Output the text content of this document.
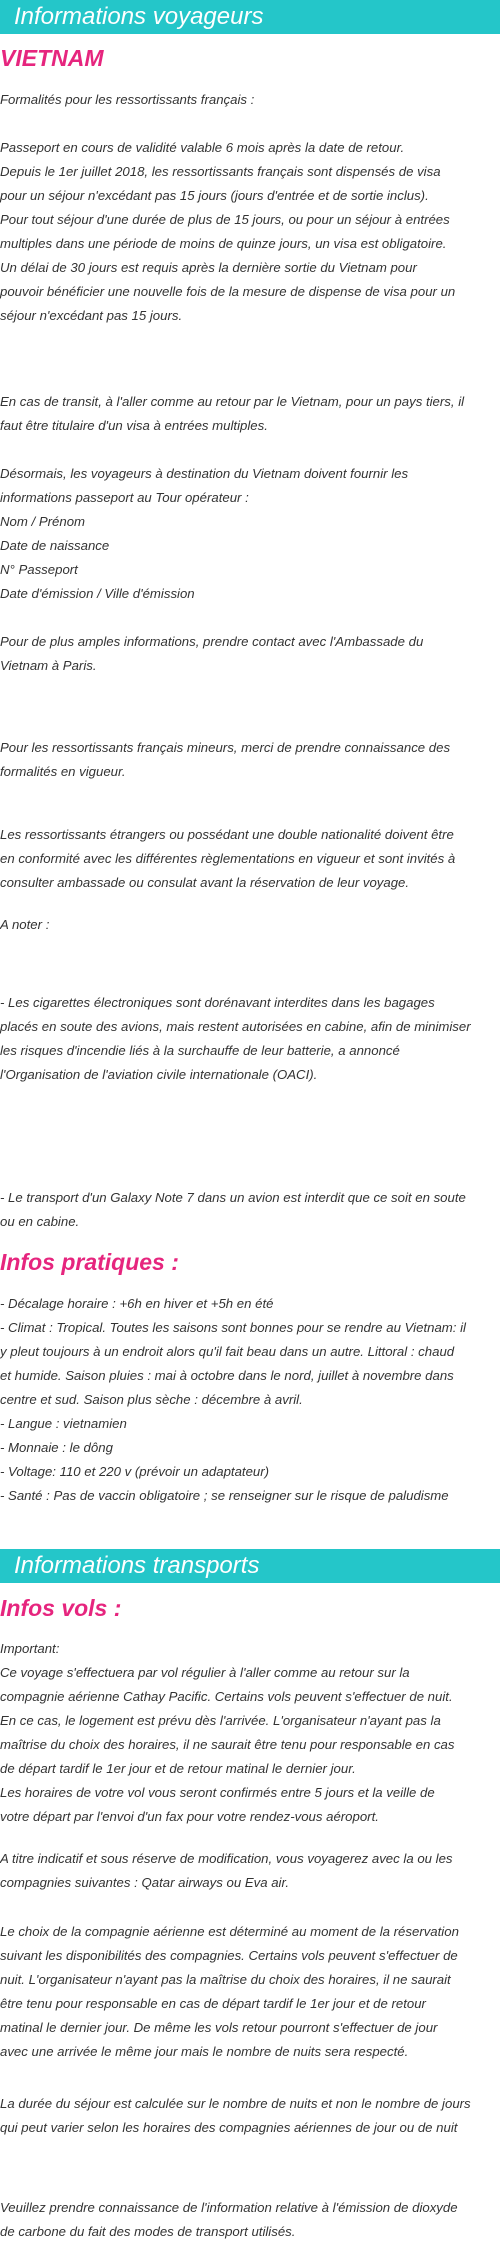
Informations voyageurs
VIETNAM
Formalités pour les ressortissants français :
Passeport en cours de validité valable 6 mois après la date de retour.
Depuis le 1er juillet 2018, les ressortissants français sont dispensés de visa
pour un séjour n'excédant pas 15 jours (jours d'entrée et de sortie inclus).
Pour tout séjour d'une durée de plus de 15 jours, ou pour un séjour à entrées
multiples dans une période de moins de quinze jours, un visa est obligatoire.
Un délai de 30 jours est requis après la dernière sortie du Vietnam pour
pouvoir bénéficier une nouvelle fois de la mesure de dispense de visa pour un
séjour n'excédant pas 15 jours.
En cas de transit, à l'aller comme au retour par le Vietnam, pour un pays tiers, il
faut être titulaire d'un visa à entrées multiples.
Désormais, les voyageurs à destination du Vietnam doivent fournir les
informations passeport au Tour opérateur :
Nom / Prénom
Date de naissance
N° Passeport
Date d'émission / Ville d'émission
Pour de plus amples informations, prendre contact avec l'Ambassade du
Vietnam à Paris.
Pour les ressortissants français mineurs, merci de prendre connaissance des
formalités en vigueur.
Les ressortissants étrangers ou possédant une double nationalité doivent être
en conformité avec les différentes règlementations en vigueur et sont invités à
consulter ambassade ou consulat avant la réservation de leur voyage.
A noter :
- Les cigarettes électroniques sont dorénavant interdites dans les bagages
placés en soute des avions, mais restent autorisées en cabine, afin de minimiser
les risques d'incendie liés à la surchauffe de leur batterie, a annoncé
l'Organisation de l'aviation civile internationale (OACI).
- Le transport d'un Galaxy Note 7 dans un avion est interdit que ce soit en soute
ou en cabine.
Infos pratiques :
- Décalage horaire : +6h en hiver et +5h en été
- Climat : Tropical. Toutes les saisons sont bonnes pour se rendre au Vietnam: il
y pleut toujours à un endroit alors qu'il fait beau dans un autre. Littoral : chaud
et humide. Saison pluies : mai à octobre dans le nord, juillet à novembre dans
centre et sud. Saison plus sèche : décembre à avril.
- Langue : vietnamien
- Monnaie : le dông
- Voltage: 110 et 220 v (prévoir un adaptateur)
- Santé : Pas de vaccin obligatoire ; se renseigner sur le risque de paludisme
Informations transports
Infos vols :
Important:
Ce voyage s'effectuera par vol régulier à l'aller comme au retour sur la
compagnie aérienne Cathay Pacific. Certains vols peuvent s'effectuer de nuit.
En ce cas, le logement est prévu dès l'arrivée. L'organisateur n'ayant pas la
maîtrise du choix des horaires, il ne saurait être tenu pour responsable en cas
de départ tardif le 1er jour et de retour matinal le dernier jour.
Les horaires de votre vol vous seront confirmés entre 5 jours et la veille de
votre départ par l'envoi d'un fax pour votre rendez-vous aéroport.
A titre indicatif et sous réserve de modification, vous voyagerez avec la ou les
compagnies suivantes : Qatar airways ou Eva air.
Le choix de la compagnie aérienne est déterminé au moment de la réservation
suivant les disponibilités des compagnies. Certains vols peuvent s'effectuer de
nuit. L'organisateur n'ayant pas la maîtrise du choix des horaires, il ne saurait
être tenu pour responsable en cas de départ tardif le 1er jour et de retour
matinal le dernier jour. De même les vols retour pourront s'effectuer de jour
avec une arrivée le même jour mais le nombre de nuits sera respecté.
La durée du séjour est calculée sur le nombre de nuits et non le nombre de jours
qui peut varier selon les horaires des compagnies aériennes de jour ou de nuit
Veuillez prendre connaissance de l'information relative à l'émission de dioxyde
de carbone du fait des modes de transport utilisés.
